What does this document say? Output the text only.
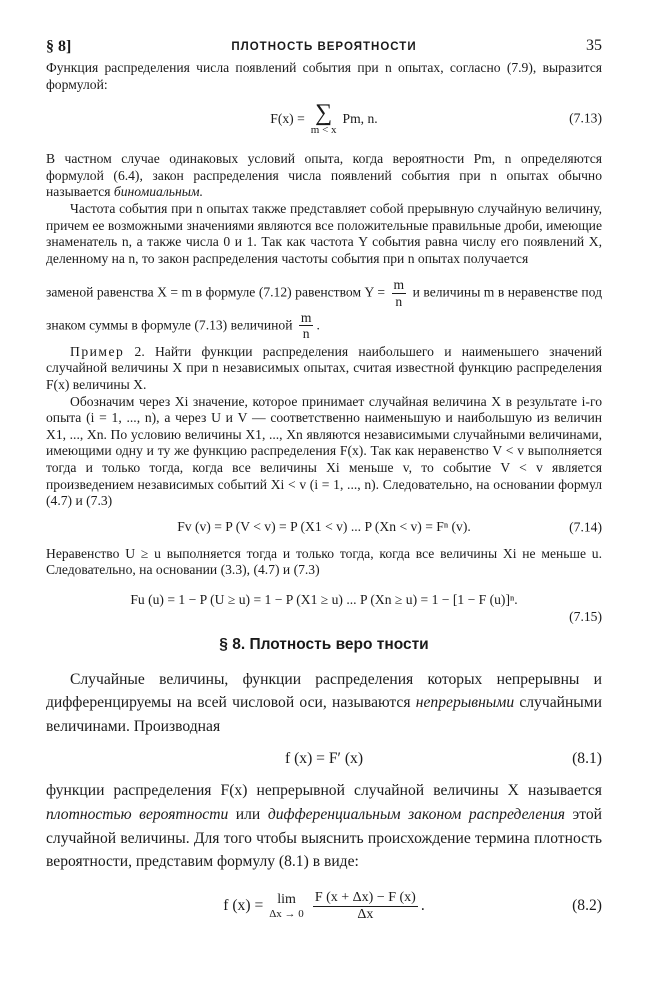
§ 8]	ПЛОТНОСТЬ ВЕРОЯТНОСТИ	35

Функция распределения числа появлений события при n опытах, согласно (7.9), выразится формулой:

F(x) = ∑
m < x
Pm, n.	(7.13)

В частном случае одинаковых условий опыта, когда вероятности Pm, n определяются формулой (6.4), закон распределения числа появлений события при n опытах обычно называется биномиальным.

Частота события при n опытах также представляет собой прерывную случайную величину, причем ее возможными значениями являются все положительные правильные дроби, имеющие знаменатель n, а также числа 0 и 1. Так как частота Y события равна числу его появлений X, деленному на n, то закон распределения частоты события при n опытах получается

заменой равенства X = m в формуле (7.12) равенством $Y = \frac{m}{n}$ и величины m в неравенстве под знаком суммы в формуле (7.13) величиной $\frac{m}{n}$ .

Пример 2. Найти функции распределения наибольшего и наименьшего значений случайной величины X при n независимых опытах, считая известной функцию распределения F(x) величины X.

Обозначим через Xi значение, которое принимает случайная величина X в результате i-го опыта (i = 1, ..., n), а через U и V — соответственно наименьшую и наибольшую из величин X1, ..., Xn. По условию величины X1, ..., Xn являются независимыми случайными величинами, имеющими одну и ту же функцию распределения F(x). Так как неравенство V < v выполняется тогда и только тогда, когда все величины Xi меньше v, то событие V < v является произведением независимых событий Xi < v (i = 1, ..., n). Следовательно, на основании формул (4.7) и (7.3)

Fv (v) = P (V < v) = P (X1 < v) ... P (Xn < v) = Fⁿ (v).	(7.14)

Неравенство U ≥ u выполняется тогда и только тогда, когда все величины Xi не меньше u. Следовательно, на основании (3.3), (4.7) и (7.3)

Fu (u) = 1 − P (U ≥ u) = 1 − P (X1 ≥ u) ... P (Xn ≥ u) = 1 − [1 − F (u)]ⁿ.
(7.15)
§ 8. Плотность веро тности

Случайные величины, функции распределения которых непрерывны и дифференцируемы на всей числовой оси, называются непрерывными случайными величинами. Производная

f (x) = F′ (x)	(8.1)

функции распределения F(x) непрерывной случайной величины X называется плотностью вероятности или дифференциальным законом распределения этой случайной величины. Для того чтобы выяснить происхождение термина плотность вероятности, представим формулу (8.1) в виде:

f (x) = lim
$\Delta x \to 0 \frac{F (x + \Delta x) - F (x)}{\Delta x}$ .	(8.2)
